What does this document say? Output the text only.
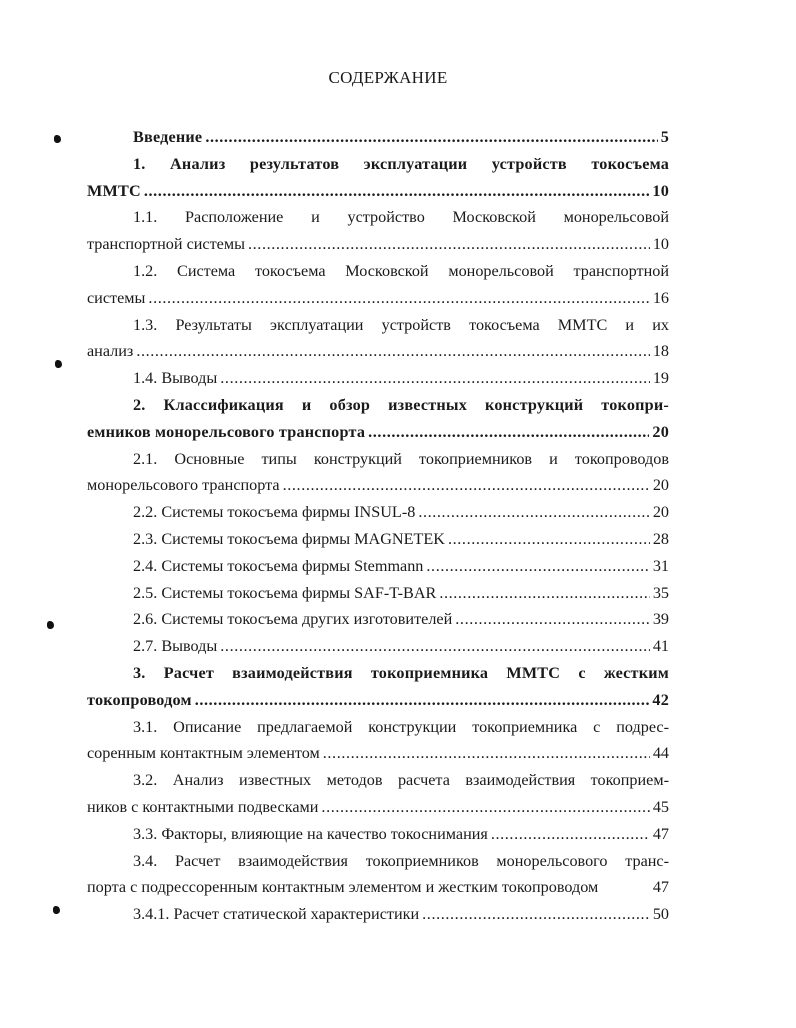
СОДЕРЖАНИЕ
Введение .....	5
1. Анализ результатов эксплуатации устройств токосъема
ММТС .....	10
1.1. Расположение и устройство Московской монорельсовой
транспортной системы .....	10
1.2. Система токосъема Московской монорельсовой транспортной
системы .....	16
1.3. Результаты эксплуатации устройств токосъема ММТС и их
анализ .....	18
1.4. Выводы .....	19
2. Классификация и обзор известных конструкций токопри-
емников монорельсового транспорта .....	20
2.1. Основные типы конструкций токоприемников и токопроводов
монорельсового транспорта .....	20
2.2. Системы токосъема фирмы INSUL-8 .....	20
2.3. Системы токосъема фирмы MAGNETEK .....	28
2.4. Системы токосъема фирмы Stemmann .....	31
2.5. Системы токосъема фирмы SAF-T-BAR .....	35
2.6. Системы токосъема других изготовителей .....	39
2.7. Выводы .....	41
3. Расчет взаимодействия токоприемника ММТС с жестким
токопроводом .....	42
3.1. Описание предлагаемой конструкции токоприемника с подрес-
соренным контактным элементом .....	44
3.2. Анализ известных методов расчета взаимодействия токоприем-
ников с контактными подвесками .....	45
3.3. Факторы, влияющие на качество токоснимания .....	47
3.4. Расчет взаимодействия токоприемников монорельсового транс-
порта с подрессоренным контактным элементом и жестким токопроводом	47
3.4.1. Расчет статической характеристики .....	50
